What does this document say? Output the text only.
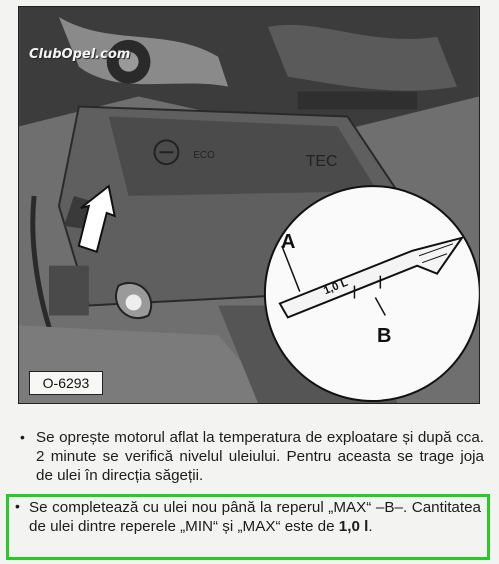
ECO	TEC
ClubOpel.com
A
B
1,0 L
O-6293
• Se oprește motorul aflat la temperatura de exploatare și după cca. 2 minute se verifică nivelul uleiului. Pentru aceasta se trage joja de ulei în direcția săgeții.

• Se completează cu ulei nou până la reperul „MAX“ –B–. Cantitatea de ulei dintre reperele „MIN“ și „MAX“ este de 1,0 l.
